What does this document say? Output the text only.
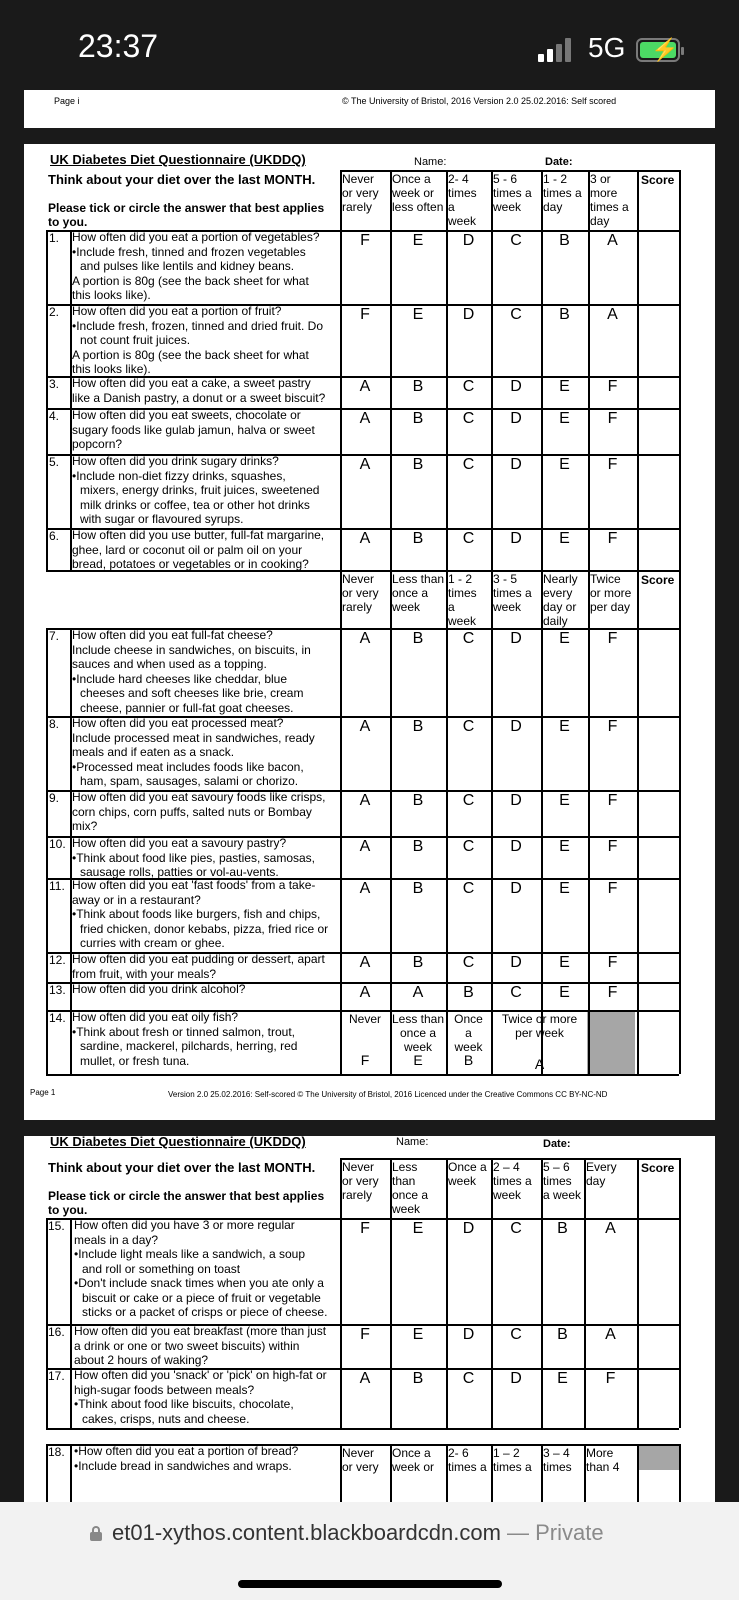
23:37	5G ⚡
Page i	© The University of Bristol, 2016 Version 2.0 25.02.2016: Self scored
UK Diabetes Diet Questionnaire (UKDDQ)	Name:	Date:
Think about your diet over the last MONTH.
Please tick or circle the answer that best applies
to you.
Never
or very
rarely
Once a
week or
less often
2- 4
times
a
week
5 - 6
times a
week
1 - 2
times a
day
3 or
more
times a
day
Score
1. How often did you eat a portion of vegetables?
• Include fresh, tinned and frozen vegetables
and pulses like lentils and kidney beans.
A portion is 80g (see the back sheet for what
this looks like).
F	E	D	C	B	A
2. How often did you eat a portion of fruit?
• Include fresh, frozen, tinned and dried fruit. Do
not count fruit juices.
A portion is 80g (see the back sheet for what
this looks like).
F	E	D	C	B	A
3. How often did you eat a cake, a sweet pastry
like a Danish pastry, a donut or a sweet biscuit?
A	B	C	D	E	F
4. How often did you eat sweets, chocolate or
sugary foods like gulab jamun, halva or sweet
popcorn?
A	B	C	D	E	F
5. How often did you drink sugary drinks?
• Include non-diet fizzy drinks, squashes,
mixers, energy drinks, fruit juices, sweetened
milk drinks or coffee, tea or other hot drinks
with sugar or flavoured syrups.
A	B	C	D	E	F
6. How often did you use butter, full-fat margarine,
ghee, lard or coconut oil or palm oil on your
bread, potatoes or vegetables or in cooking?
A	B	C	D	E	F
Never
or very
rarely
Less than
once a
week
1 - 2
times
a
week
3 - 5
times a
week
Nearly
every
day or
daily
Twice
or more
per day
Score
7. How often did you eat full-fat cheese?
Include cheese in sandwiches, on biscuits, in
sauces and when used as a topping.
• Include hard cheeses like cheddar, blue
cheeses and soft cheeses like brie, cream
cheese, pannier or full-fat goat cheeses.
A	B	C	D	E	F
8. How often did you eat processed meat?
Include processed meat in sandwiches, ready
meals and if eaten as a snack.
• Processed meat includes foods like bacon,
ham, spam, sausages, salami or chorizo.
A	B	C	D	E	F
9. How often did you eat savoury foods like crisps,
corn chips, corn puffs, salted nuts or Bombay
mix?
A	B	C	D	E	F
10. How often did you eat a savoury pastry?
• Think about food like pies, pasties, samosas,
sausage rolls, patties or vol-au-vents.
A	B	C	D	E	F
11. How often did you eat 'fast foods' from a take-
away or in a restaurant?
• Think about foods like burgers, fish and chips,
fried chicken, donor kebabs, pizza, fried rice or
curries with cream or ghee.
A	B	C	D	E	F
12. How often did you eat pudding or dessert, apart
from fruit, with your meals?
A	B	C	D	E	F
13. How often did you drink alcohol?	A	A	B	C	E	F
14. How often did you eat oily fish?
• Think about fresh or tinned salmon, trout,
sardine, mackerel, pilchards, herring, red
mullet, or fresh tuna.
Never Less than
once a
week
Once
a
week
Twice or more
per week
F	E	B	A
Page 1	Version 2.0 25.02.2016: Self-scored © The University of Bristol, 2016 Licenced under the Creative Commons CC BY-NC-ND
UK Diabetes Diet Questionnaire (UKDDQ)	Name:	Date:
Think about your diet over the last MONTH.
Please tick or circle the answer that best applies
to you.
Never
or very
rarely
Less
than
once a
week
Once a
week
2 – 4
times a
week
5 – 6
times
a week
Every
day
Score
15. How often did you have 3 or more regular
meals in a day?
• Include light meals like a sandwich, a soup
and roll or something on toast
• Don't include snack times when you ate only a
biscuit or cake or a piece of fruit or vegetable
sticks or a packet of crisps or piece of cheese.
F	E	D	C	B	A
16. How often did you eat breakfast (more than just
a drink or one or two sweet biscuits) within
about 2 hours of waking?
F	E	D	C	B	A
17. How often did you 'snack' or 'pick' on high-fat or
high-sugar foods between meals?
• Think about food like biscuits, chocolate,
cakes, crisps, nuts and cheese.
A	B	C	D	E	F
18.
•	How often did you eat a portion of bread?
• Include bread in sandwiches and wraps.
Never
or very
Once a
week or
2- 6
times a
1 – 2
times a
3 – 4
times
More
than 4
et01-xythos.content.blackboardcdn.com — Private
